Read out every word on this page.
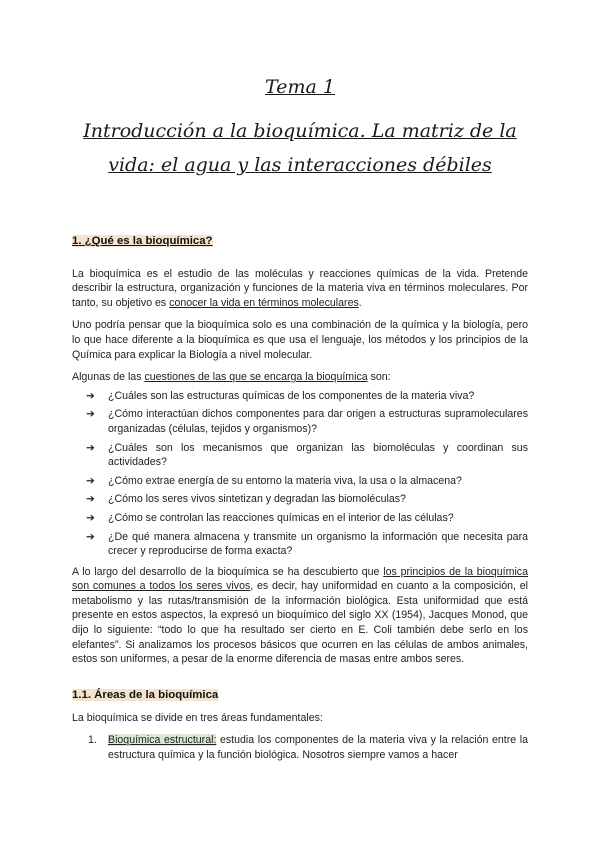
Tema 1
Introducción a la bioquímica. La matriz de la vida: el agua y las interacciones débiles

1. ¿Qué es la bioquímica?

La bioquímica es el estudio de las moléculas y reacciones químicas de la vida. Pretende describir la estructura, organización y funciones de la materia viva en términos moleculares. Por tanto, su objetivo es conocer la vida en términos moleculares.

Uno podría pensar que la bioquímica solo es una combinación de la química y la biología, pero lo que hace diferente a la bioquímica es que usa el lenguaje, los métodos y los principios de la Química para explicar la Biología a nivel molecular.

Algunas de las cuestiones de las que se encarga la bioquímica son:

➔ ¿Cuáles son las estructuras químicas de los componentes de la materia viva?
➔ ¿Cómo interactúan dichos componentes para dar origen a estructuras supramoleculares organizadas (células, tejidos y organismos)?
➔ ¿Cuáles son los mecanismos que organizan las biomoléculas y coordinan sus actividades?
➔ ¿Cómo extrae energía de su entorno la materia viva, la usa o la almacena?
➔ ¿Cómo los seres vivos sintetizan y degradan las biomoléculas?
➔ ¿Cómo se controlan las reacciones químicas en el interior de las células?
➔ ¿De qué manera almacena y transmite un organismo la información que necesita para crecer y reproducirse de forma exacta?

A lo largo del desarrollo de la bioquímica se ha descubierto que los principios de la bioquímica son comunes a todos los seres vivos, es decir, hay uniformidad en cuanto a la composición, el metabolismo y las rutas/transmisión de la información biológica. Esta uniformidad que está presente en estos aspectos, la expresó un bioquímico del siglo XX (1954), Jacques Monod, que dijo lo siguiente: “todo lo que ha resultado ser cierto en E. Coli también debe serlo en los elefantes”. Si analizamos los procesos básicos que ocurren en las células de ambos animales, estos son uniformes, a pesar de la enorme diferencia de masas entre ambos seres.

1.1. Áreas de la bioquímica

La bioquímica se divide en tres áreas fundamentales:

1. Bioquímica estructural: estudia los componentes de la materia viva y la relación entre la estructura química y la función biológica. Nosotros siempre vamos a hacer
